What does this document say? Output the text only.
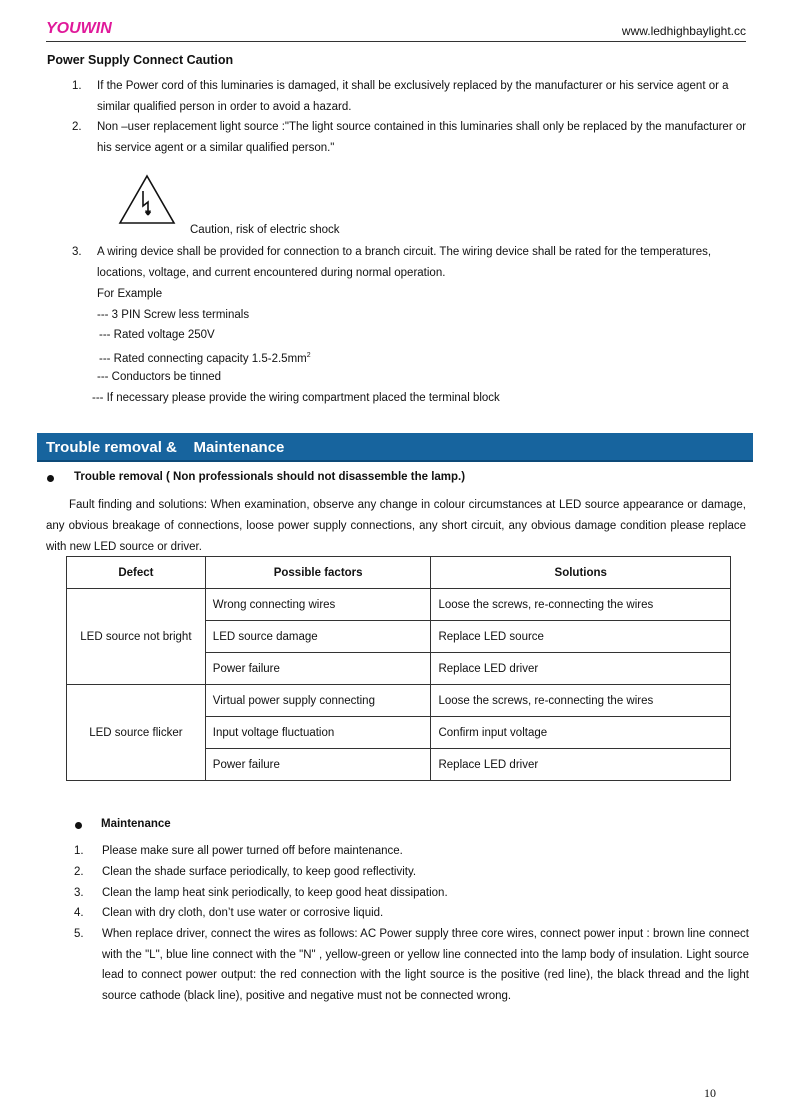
YOUWIN	www.ledhighbaylight.cc
Power Supply Connect Caution
1.	If the Power cord of this luminaries is damaged, it shall be exclusively replaced by the manufacturer or his service agent or a similar qualified person in order to avoid a hazard.
2.	Non –user replacement light source :"The light source contained in this luminaries shall only be replaced by the manufacturer or his service agent or a similar qualified person."
Caution, risk of electric shock
3.	A wiring device shall be provided for connection to a branch circuit. The wiring device shall be rated for the temperatures, locations, voltage, and current encountered during normal operation.
For Example
--- 3 PIN Screw less terminals
--- Rated voltage 250V
--- Rated connecting capacity $1.5-2.5mm^2$
--- Conductors be tinned
--- If necessary please provide the wiring compartment placed the terminal block
Trouble removal &    Maintenance
Trouble removal ( Non professionals should not disassemble the lamp.)
Fault finding and solutions: When examination, observe any change in colour circumstances at LED source appearance or damage, any obvious breakage of connections, loose power supply connections, any short circuit, any obvious damage condition please replace with new LED source or driver.
Defect	Possible factors	Solutions
LED source not bright	Wrong connecting wires	Loose the screws, re-connecting the wires
	LED source damage	Replace LED source
	Power failure	Replace LED driver
LED source flicker	Virtual power supply connecting	Loose the screws, re-connecting the wires
	Input voltage fluctuation	Confirm input voltage
	Power failure	Replace LED driver
Maintenance
1. Please make sure all power turned off before maintenance.
2. Clean the shade surface periodically, to keep good reflectivity.
3. Clean the lamp heat sink periodically, to keep good heat dissipation.
4. Clean with dry cloth, don’t use water or corrosive liquid.
5. When replace driver, connect the wires as follows: AC Power supply three core wires, connect power input : brown line connect with the "L", blue line connect with the "N" , yellow-green or yellow line connected into the lamp body of insulation. Light source lead to connect power output: the red connection with the light source is the positive (red line), the black thread and the light source cathode (black line), positive and negative must not be connected wrong.
10
